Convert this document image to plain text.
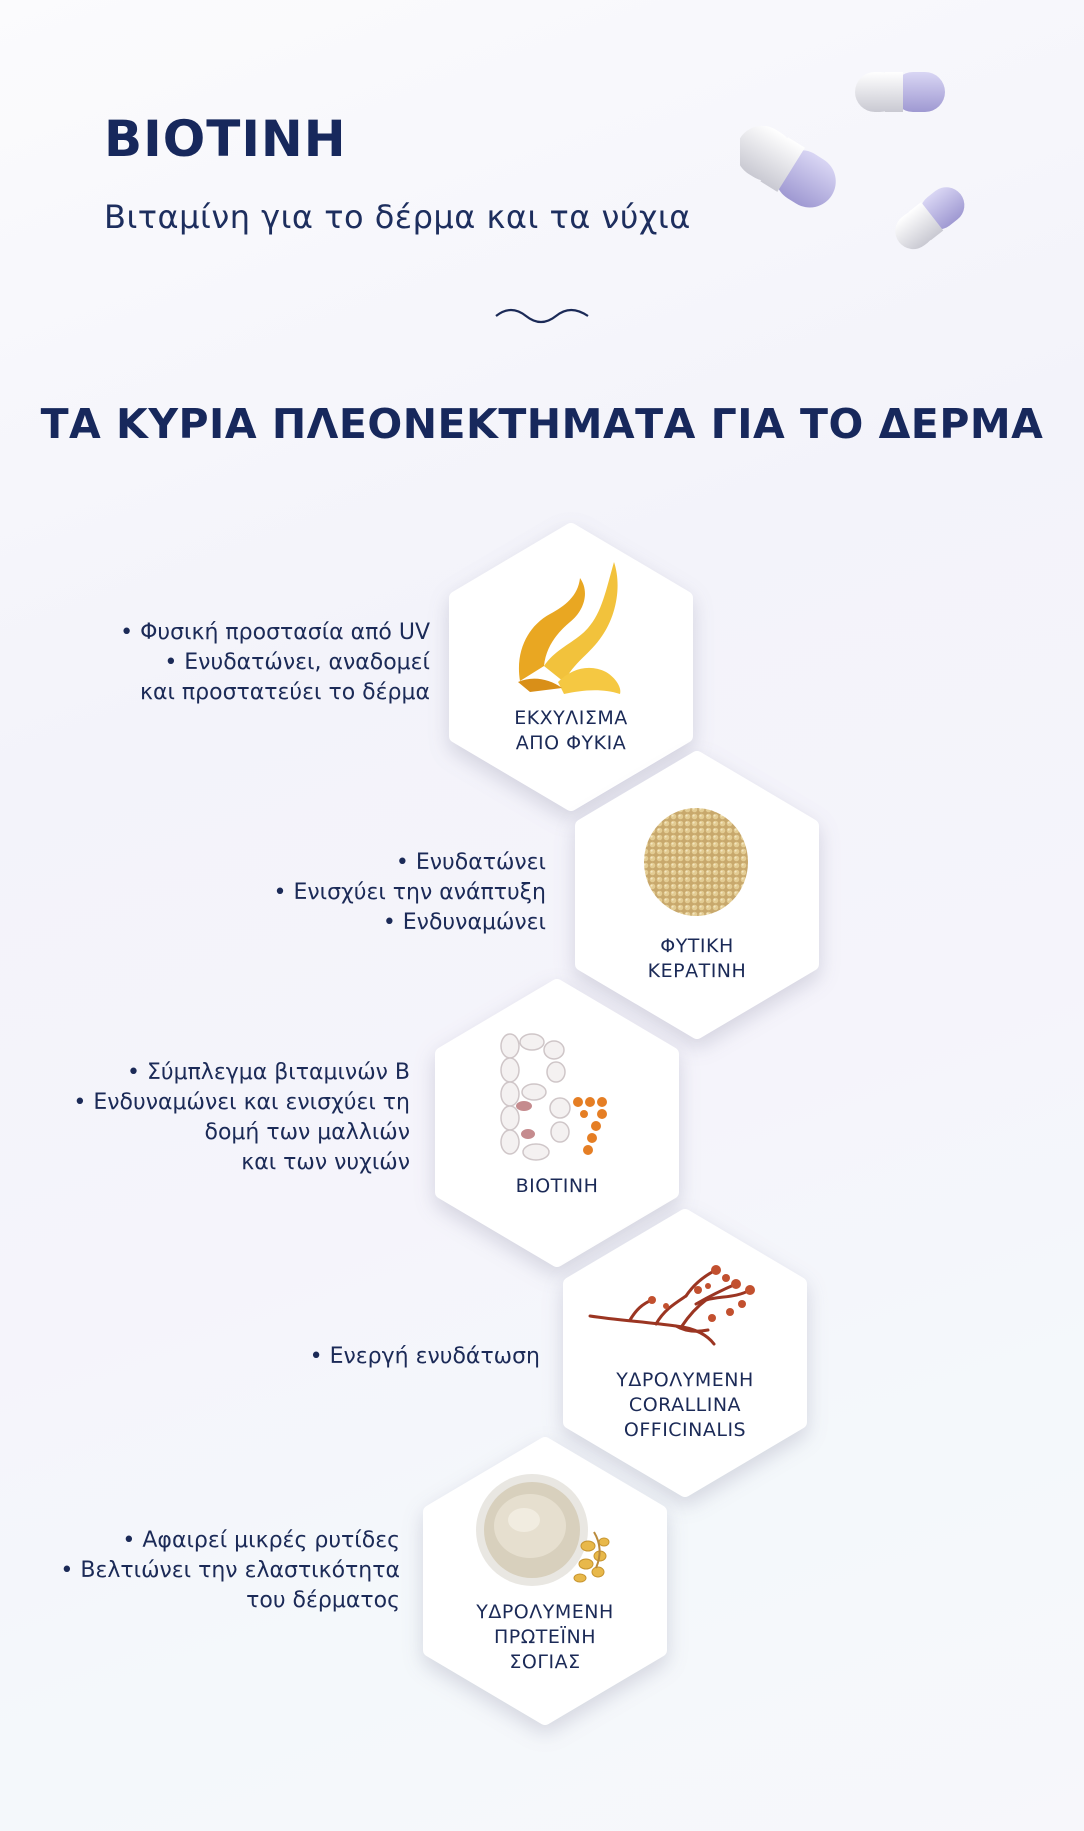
ΒΙΟΤΙΝΗ

Βιταμίνη για το δέρμα και τα νύχια

ΤΑ ΚΥΡΙΑ ΠΛΕΟΝΕΚΤΗΜΑΤΑ ΓΙΑ ΤΟ ΔΕΡΜΑ
ΕΚΧΥΛΙΣΜΑ
ΑΠΟ ΦΥΚΙΑ
• Φυσική προστασία από UV
• Ενυδατώνει, αναδομεί
και προστατεύει το δέρμα
ΦΥΤΙΚΗ
ΚΕΡΑΤΙΝΗ
• Ενυδατώνει
• Ενισχύει την ανάπτυξη
• Ενδυναμώνει
ΒΙΟΤΙΝΗ
• Σύμπλεγμα βιταμινών Β
• Ενδυναμώνει και ενισχύει τη
δομή των μαλλιών
και των νυχιών
ΥΔΡΟΛΥΜΕΝΗ
CORALLINA
OFFICINALIS
• Ενεργή ενυδάτωση
ΥΔΡΟΛΥΜΕΝΗ
ΠΡΩΤΕΪΝΗ
ΣΟΓΙΑΣ
• Αφαιρεί μικρές ρυτίδες
• Βελτιώνει την ελαστικότητα
του δέρματος
